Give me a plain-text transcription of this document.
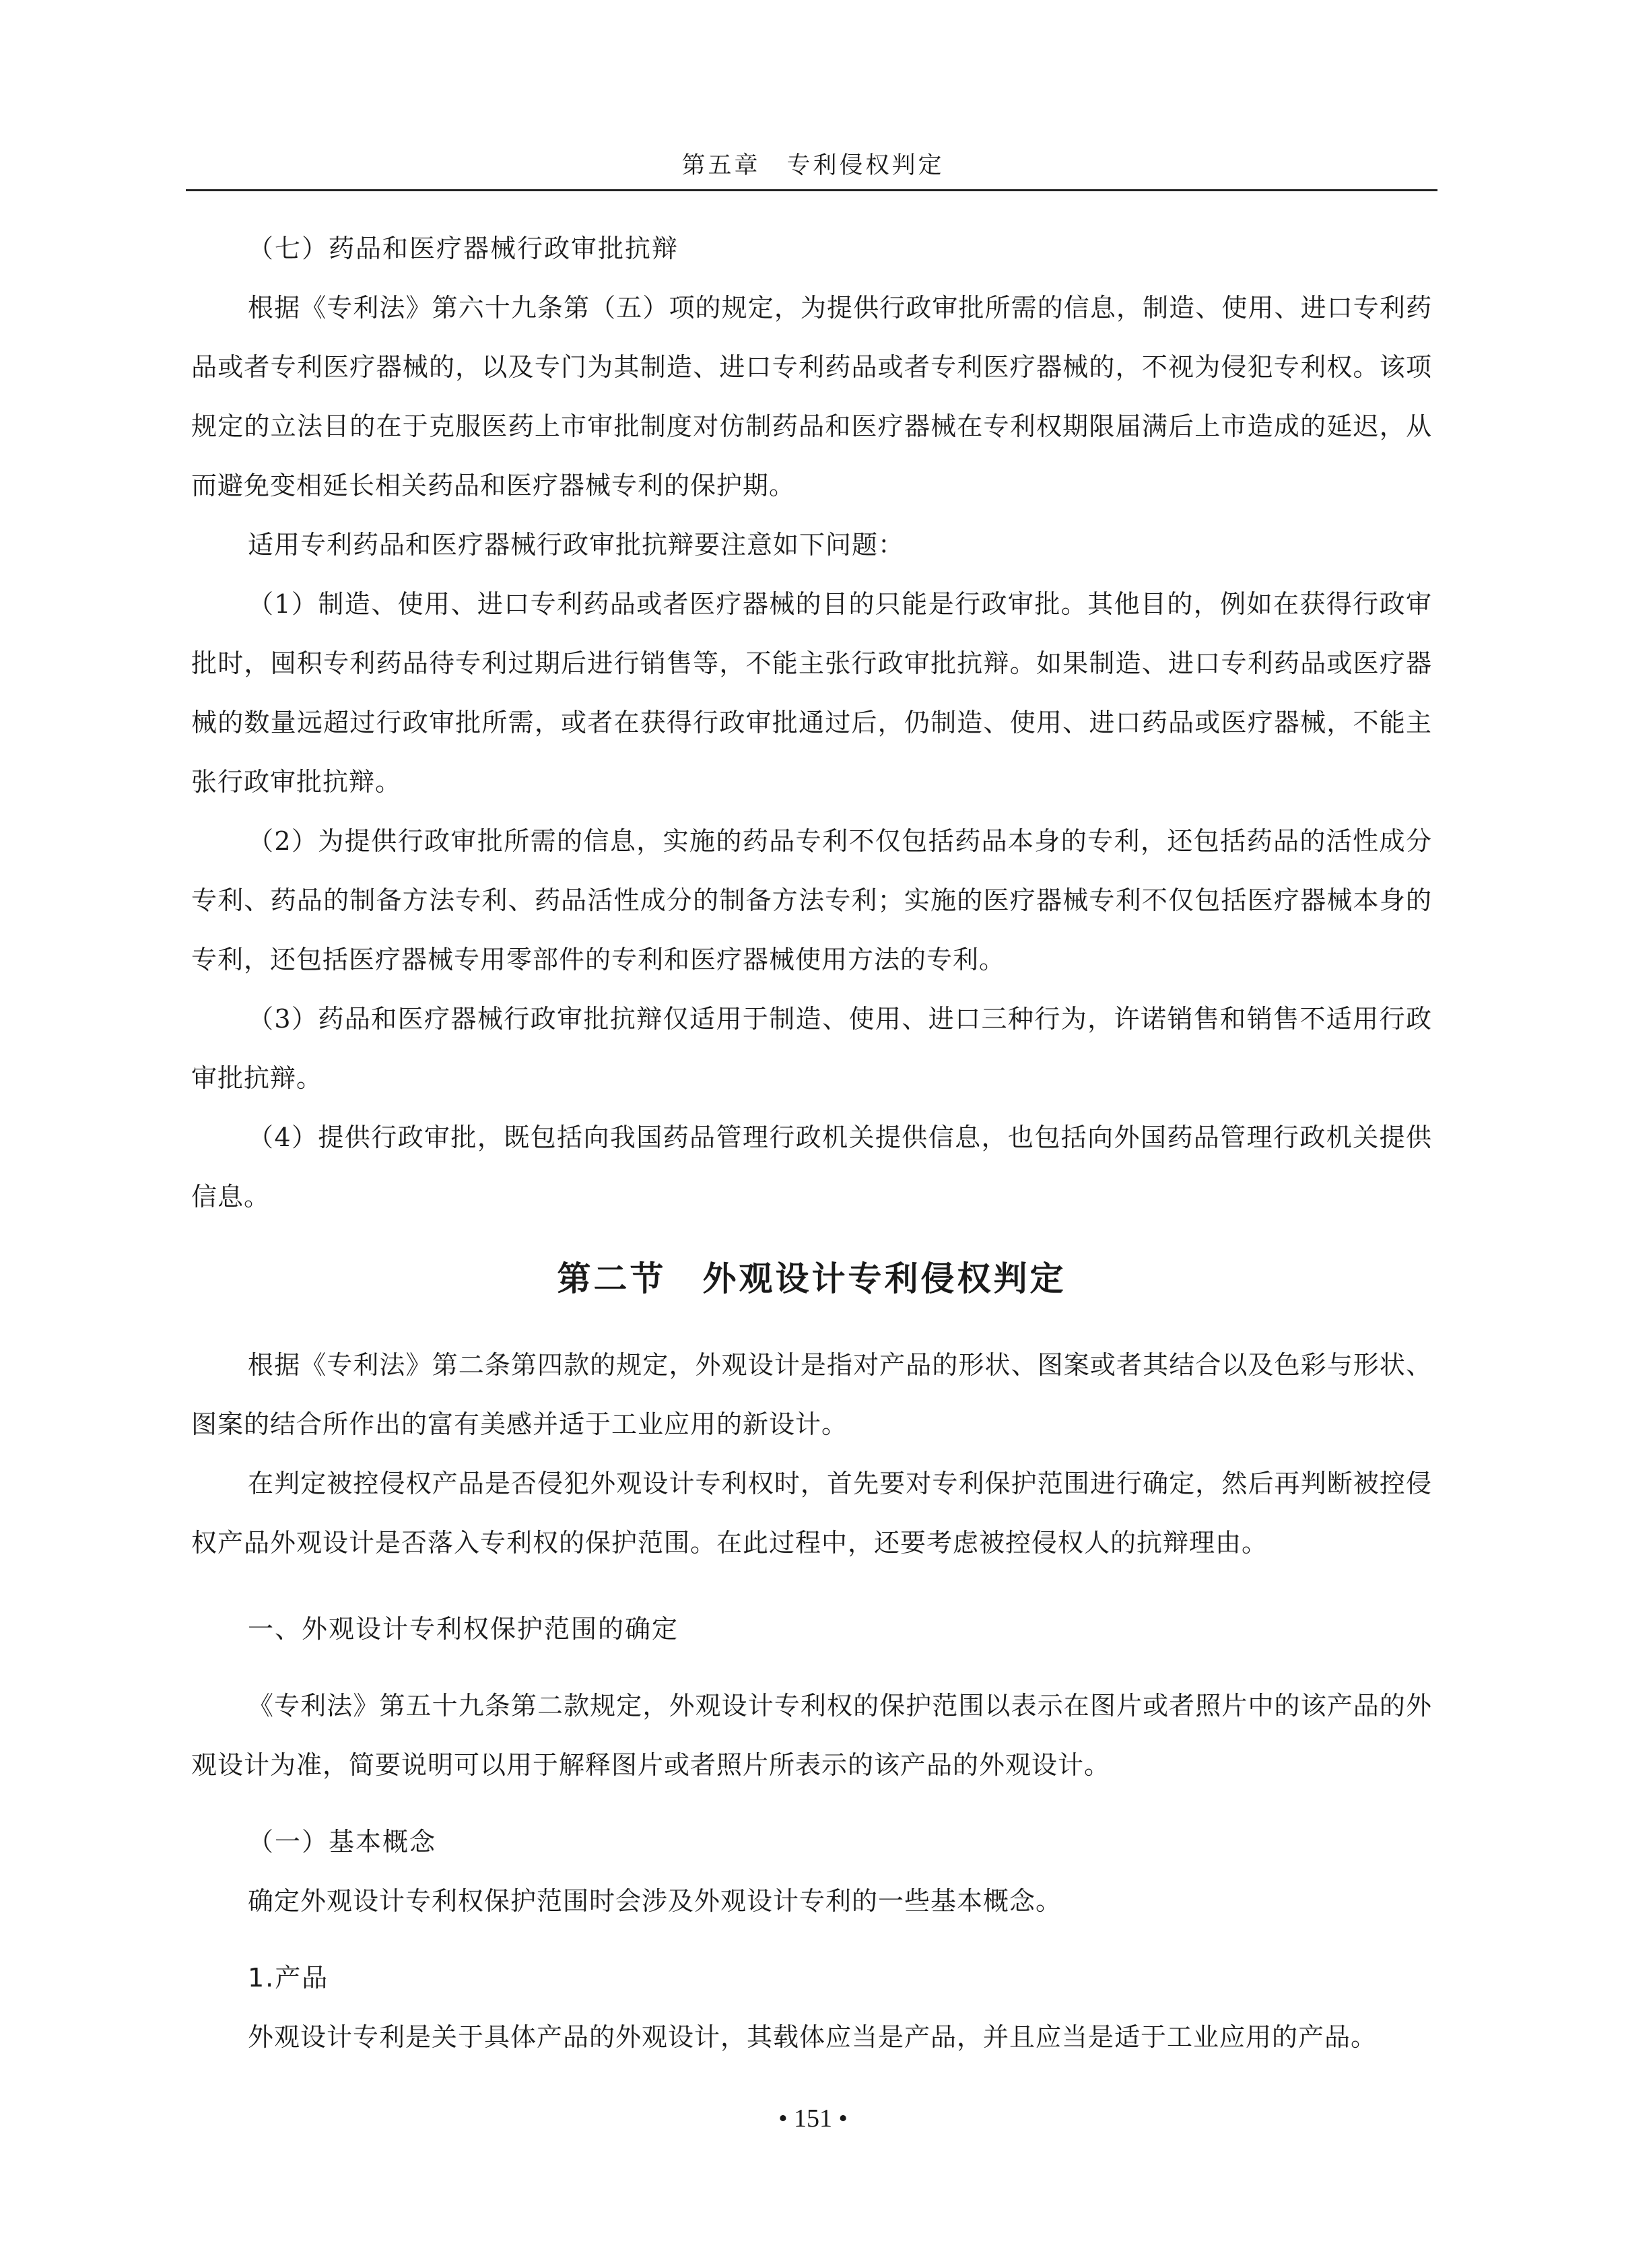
第五章　专利侵权判定

（七）药品和医疗器械行政审批抗辩

根据《专利法》第六十九条第（五）项的规定，为提供行政审批所需的信息，制造、使用、进口专利药品或者专利医疗器械的，以及专门为其制造、进口专利药品或者专利医疗器械的，不视为侵犯专利权。该项规定的立法目的在于克服医药上市审批制度对仿制药品和医疗器械在专利权期限届满后上市造成的延迟，从而避免变相延长相关药品和医疗器械专利的保护期。

适用专利药品和医疗器械行政审批抗辩要注意如下问题：

（1）制造、使用、进口专利药品或者医疗器械的目的只能是行政审批。其他目的，例如在获得行政审批时，囤积专利药品待专利过期后进行销售等，不能主张行政审批抗辩。如果制造、进口专利药品或医疗器械的数量远超过行政审批所需，或者在获得行政审批通过后，仍制造、使用、进口药品或医疗器械，不能主张行政审批抗辩。

（2）为提供行政审批所需的信息，实施的药品专利不仅包括药品本身的专利，还包括药品的活性成分专利、药品的制备方法专利、药品活性成分的制备方法专利；实施的医疗器械专利不仅包括医疗器械本身的专利，还包括医疗器械专用零部件的专利和医疗器械使用方法的专利。

（3）药品和医疗器械行政审批抗辩仅适用于制造、使用、进口三种行为，许诺销售和销售不适用行政审批抗辩。

（4）提供行政审批，既包括向我国药品管理行政机关提供信息，也包括向外国药品管理行政机关提供信息。

第二节　外观设计专利侵权判定

根据《专利法》第二条第四款的规定，外观设计是指对产品的形状、图案或者其结合以及色彩与形状、图案的结合所作出的富有美感并适于工业应用的新设计。

在判定被控侵权产品是否侵犯外观设计专利权时，首先要对专利保护范围进行确定，然后再判断被控侵权产品外观设计是否落入专利权的保护范围。在此过程中，还要考虑被控侵权人的抗辩理由。

一、外观设计专利权保护范围的确定

《专利法》第五十九条第二款规定，外观设计专利权的保护范围以表示在图片或者照片中的该产品的外观设计为准，简要说明可以用于解释图片或者照片所表示的该产品的外观设计。

（一）基本概念

确定外观设计专利权保护范围时会涉及外观设计专利的一些基本概念。

1.产品

外观设计专利是关于具体产品的外观设计，其载体应当是产品，并且应当是适于工业应用的产品。

• 151 •
